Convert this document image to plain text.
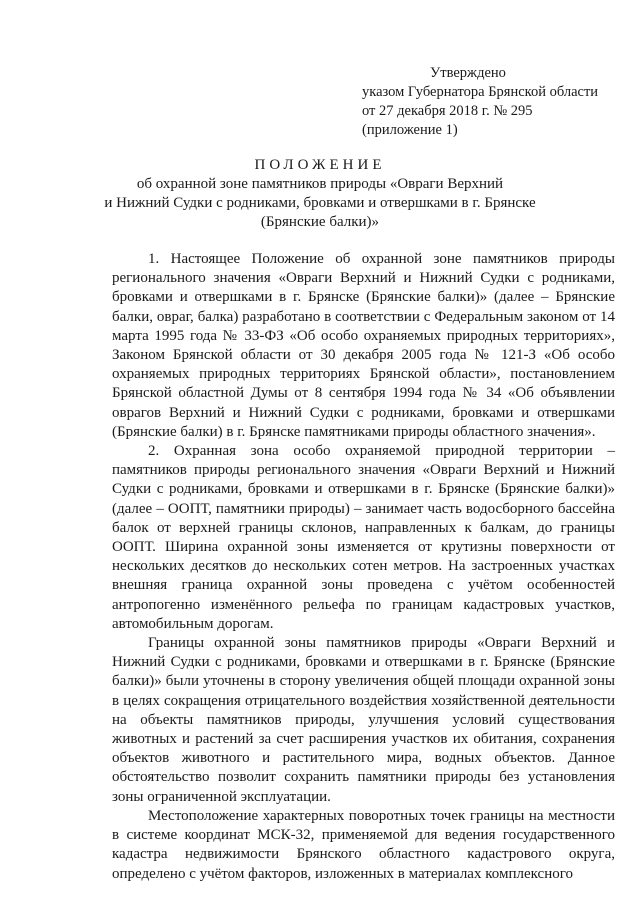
Утверждено
указом Губернатора Брянской области
от 27 декабря 2018 г. № 295
(приложение 1)
ПОЛОЖЕНИЕ
об охранной зоне памятников природы «Овраги Верхний
и Нижний Судки с родниками, бровками и отвершками в г. Брянске
(Брянские балки)»

1. Настоящее Положение об охранной зоне памятников природы регионального значения «Овраги Верхний и Нижний Судки с родниками, бровками и отвершками в г. Брянске (Брянские балки)» (далее – Брянские балки, овраг, балка) разработано в соответствии с Федеральным законом от 14 марта 1995 года № 33-ФЗ «Об особо охраняемых природных территориях», Законом Брянской области от 30 декабря 2005 года № 121-З «Об особо охраняемых природных территориях Брянской области», постановлением Брянской областной Думы от 8 сентября 1994 года № 34 «Об объявлении оврагов Верхний и Нижний Судки с родниками, бровками и отвершками (Брянские балки) в г. Брянске памятниками природы областного значения».

2. Охранная зона особо охраняемой природной территории – памятников природы регионального значения «Овраги Верхний и Нижний Судки с родниками, бровками и отвершками в г. Брянске (Брянские балки)» (далее – ООПТ, памятники природы) – занимает часть водосборного бассейна балок от верхней границы склонов, направленных к балкам, до границы ООПТ. Ширина охранной зоны изменяется от крутизны поверхности от нескольких десятков до нескольких сотен метров. На застроенных участках внешняя граница охранной зоны проведена с учётом особенностей антропогенно изменённого рельефа по границам кадастровых участков, автомобильным дорогам.

Границы охранной зоны памятников природы «Овраги Верхний и Нижний Судки с родниками, бровками и отвершками в г. Брянске (Брянские балки)» были уточнены в сторону увеличения общей площади охранной зоны в целях сокращения отрицательного воздействия хозяйственной деятельности на объекты памятников природы, улучшения условий существования животных и растений за счет расширения участков их обитания, сохранения объектов животного и растительного мира, водных объектов. Данное обстоятельство позволит сохранить памятники природы без установления зоны ограниченной эксплуатации.

Местоположение характерных поворотных точек границы на местности в системе координат МСК-32, применяемой для ведения государственного кадастра недвижимости Брянского областного кадастрового округа, определено с учётом факторов, изложенных в материалах комплексного
